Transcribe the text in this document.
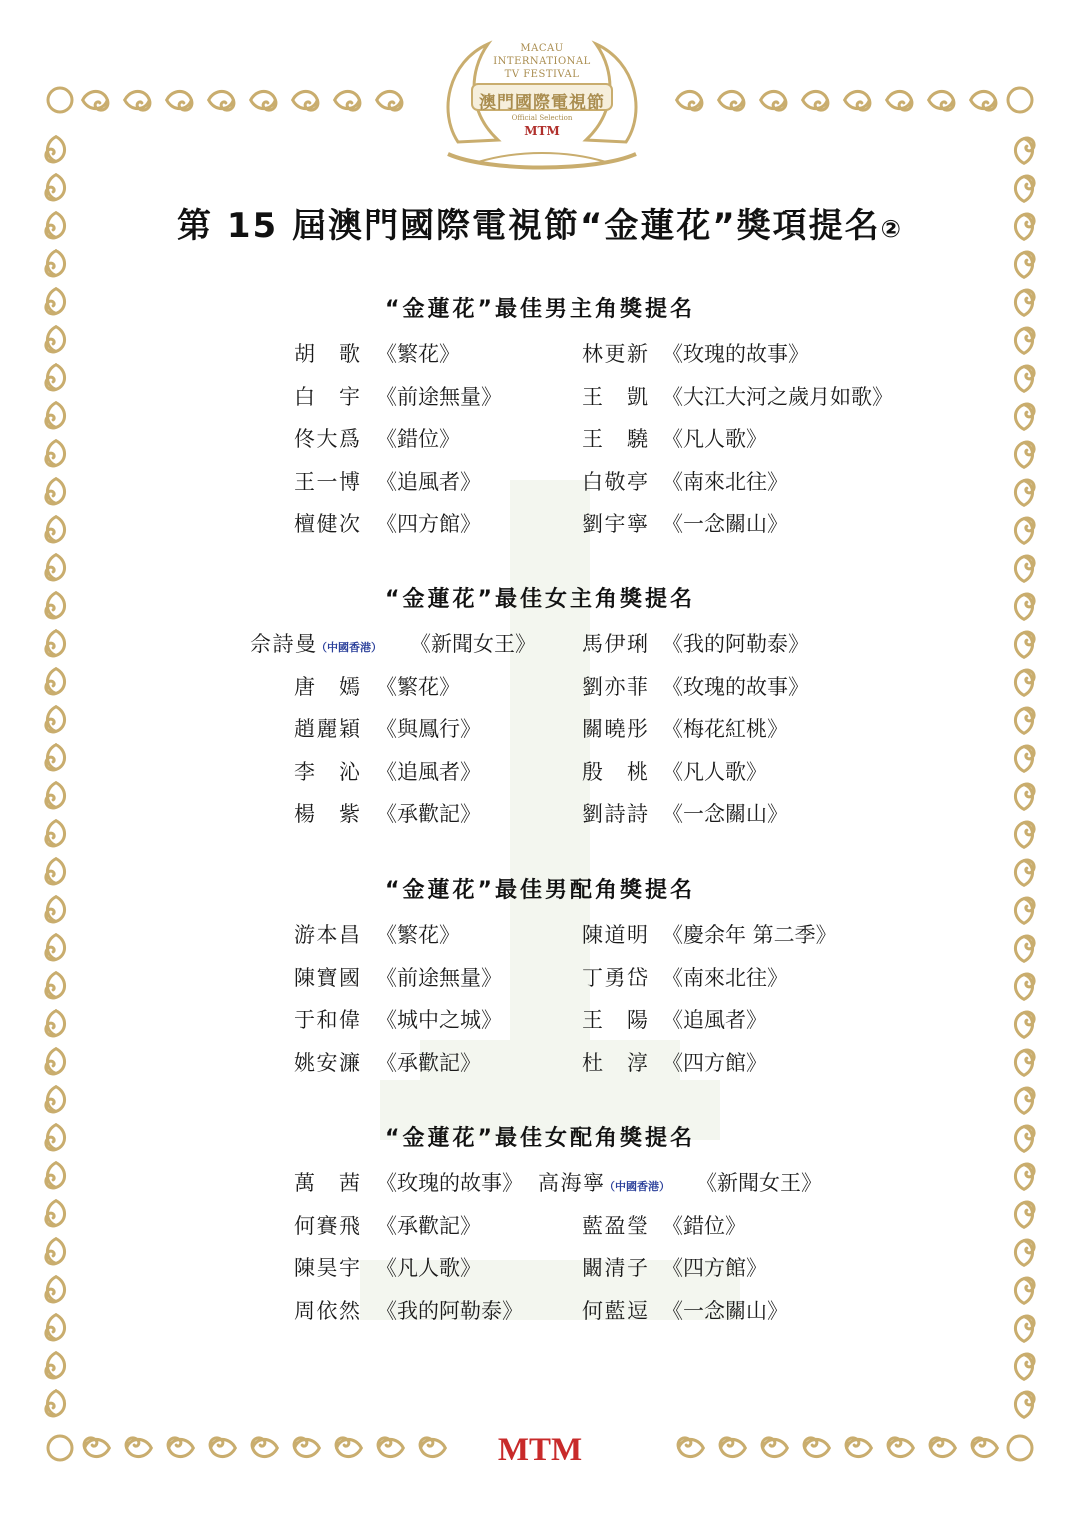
MACAU
INTERNATIONAL
TV FESTIVAL
澳門國際電視節
Official Selection
MTM
第 15 屆澳門國際電視節“金蓮花”獎項提名②
“金蓮花”最佳男主角獎提名
胡　歌 《繁花》	林更新 《玫瑰的故事》
白　宇 《前途無量》	王　凱 《大江大河之歲月如歌》
佟大爲 《錯位》	王　驍 《凡人歌》
王一博 《追風者》	白敬亭 《南來北往》
檀健次 《四方館》	劉宇寧 《一念關山》
“金蓮花”最佳女主角獎提名
佘詩曼（中國香港） 《新聞女王》 馬伊琍 《我的阿勒泰》
唐　嫣 《繁花》	劉亦菲 《玫瑰的故事》
趙麗穎 《與鳳行》	關曉彤 《梅花紅桃》
李　沁 《追風者》	殷　桃 《凡人歌》
楊　紫 《承歡記》	劉詩詩 《一念關山》
“金蓮花”最佳男配角獎提名
游本昌 《繁花》	陳道明 《慶余年 第二季》
陳寶國 《前途無量》	丁勇岱 《南來北往》
于和偉 《城中之城》	王　陽 《追風者》
姚安濂 《承歡記》	杜　淳 《四方館》
“金蓮花”最佳女配角獎提名
萬　茜 《玫瑰的故事》 高海寧（中國香港） 《新聞女王》
何賽飛 《承歡記》	藍盈瑩 《錯位》
陳昊宇 《凡人歌》	闞清子 《四方館》
周依然 《我的阿勒泰》	何藍逗 《一念關山》
MTM
